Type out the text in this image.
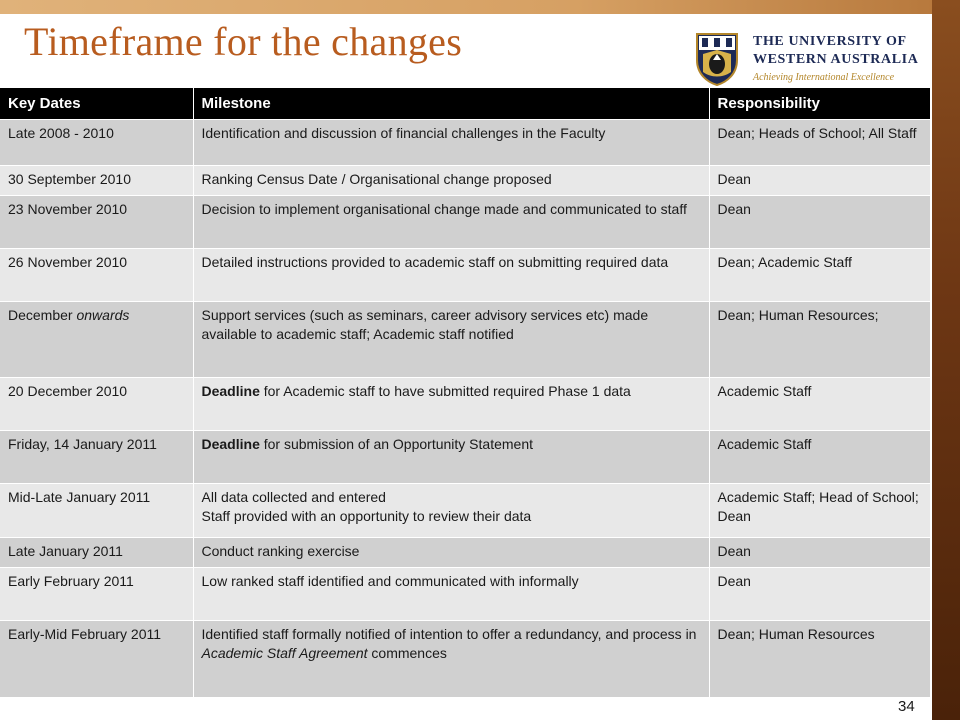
Timeframe for the changes	THE UNIVERSITY OF
WESTERN AUSTRALIA
Achieving International Excellence
Key Dates	Milestone	Responsibility
Late 2008 - 2010	Identification and discussion of financial challenges in the Faculty	Dean; Heads of School; All Staff
30 September 2010	Ranking Census Date / Organisational change proposed	Dean
23 November 2010	Decision to implement organisational change made and communicated to staff	Dean
26 November 2010	Detailed instructions provided to academic staff on submitting required data	Dean; Academic Staff
December onwards	Support services (such as seminars, career advisory services etc) made available to academic staff; Academic staff notified	Dean; Human Resources;
20 December 2010	Deadline for Academic staff to have submitted required Phase 1 data	Academic Staff
Friday, 14 January 2011	Deadline for submission of an Opportunity Statement	Academic Staff
Mid-Late January 2011	All data collected and entered
Staff provided with an opportunity to review their data	Academic Staff; Head of School; Dean
Late January 2011	Conduct ranking exercise	Dean
Early February 2011	Low ranked staff identified and communicated with informally	Dean
Early-Mid February 2011	Identified staff formally notified of intention to offer a redundancy, and process in Academic Staff Agreement commences	Dean; Human Resources
34
